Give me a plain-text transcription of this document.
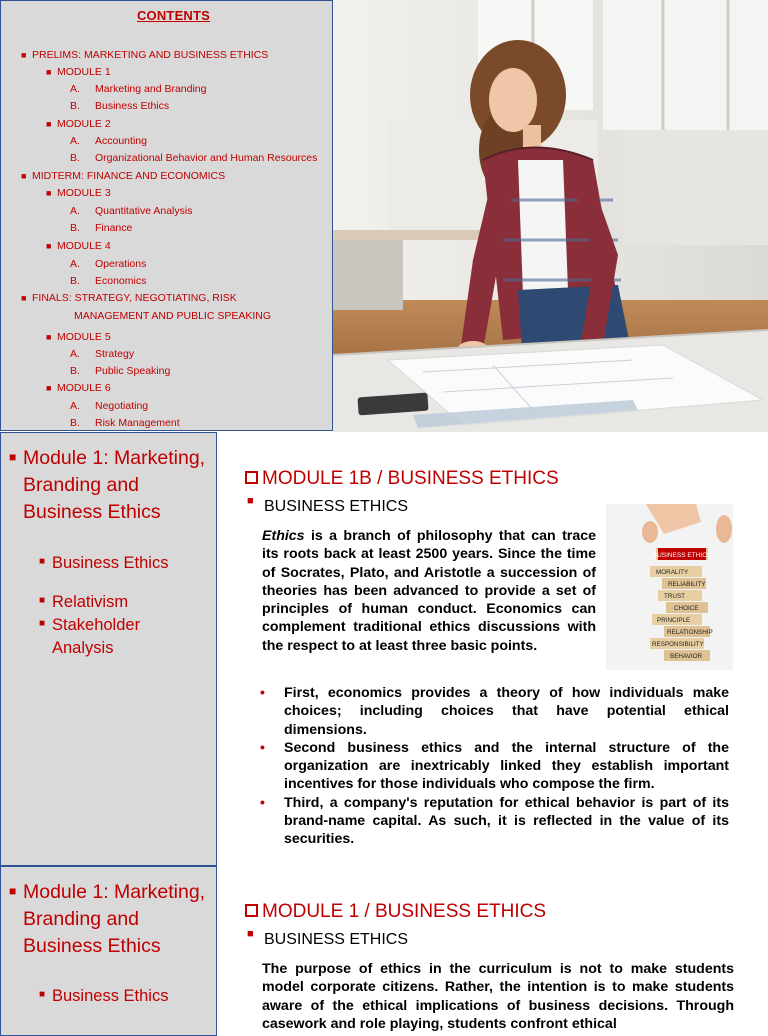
CONTENTS
■ PRELIMS: MARKETING AND BUSINESS ETHICS
■ MODULE 1
A. Marketing and Branding
B. Business Ethics
■ MODULE 2
A. Accounting
B. Organizational Behavior and Human Resources
■ MIDTERM: FINANCE AND ECONOMICS
■ MODULE 3
A. Quantitative Analysis
B. Finance
■ MODULE 4
A. Operations
B. Economics
■ FINALS: STRATEGY, NEGOTIATING, RISK
MANAGEMENT AND PUBLIC SPEAKING
■ MODULE 5
A. Strategy
B. Public Speaking
■ MODULE 6
A. Negotiating
B. Risk Management
■ Module 1: Marketing,
Branding and
Business Ethics
■ Business Ethics
■ Relativism
■ Stakeholder
Analysis
MODULE 1B / BUSINESS ETHICS
■ BUSINESS ETHICS
Ethics is a branch of philosophy that can trace its roots back at least 2500 years. Since the time of Socrates, Plato, and Aristotle a succession of theories has been advanced to provide a set of principles of human conduct. Economics can complement traditional ethics discussions with the respect to at least three basic points.
BUSINESS ETHICS
MORALITY
RELIABILITY
TRUST
CHOICE
PRINCIPLE
RELATIONSHIP
RESPONSIBILITY
BEHAVIOR
• First, economics provides a theory of how individuals make choices; including choices that have potential ethical dimensions.
• Second business ethics and the internal structure of the organization are inextricably linked they establish important incentives for those individuals who compose the firm.
• Third, a company's reputation for ethical behavior is part of its brand-name capital. As such, it is reflected in the value of its securities.
■ Module 1: Marketing,
Branding and
Business Ethics
■ Business Ethics
MODULE 1 / BUSINESS ETHICS
■ BUSINESS ETHICS
The purpose of ethics in the curriculum is not to make students model corporate citizens. Rather, the intention is to make students aware of the ethical implications of business decisions. Through casework and role playing, students confront ethical
